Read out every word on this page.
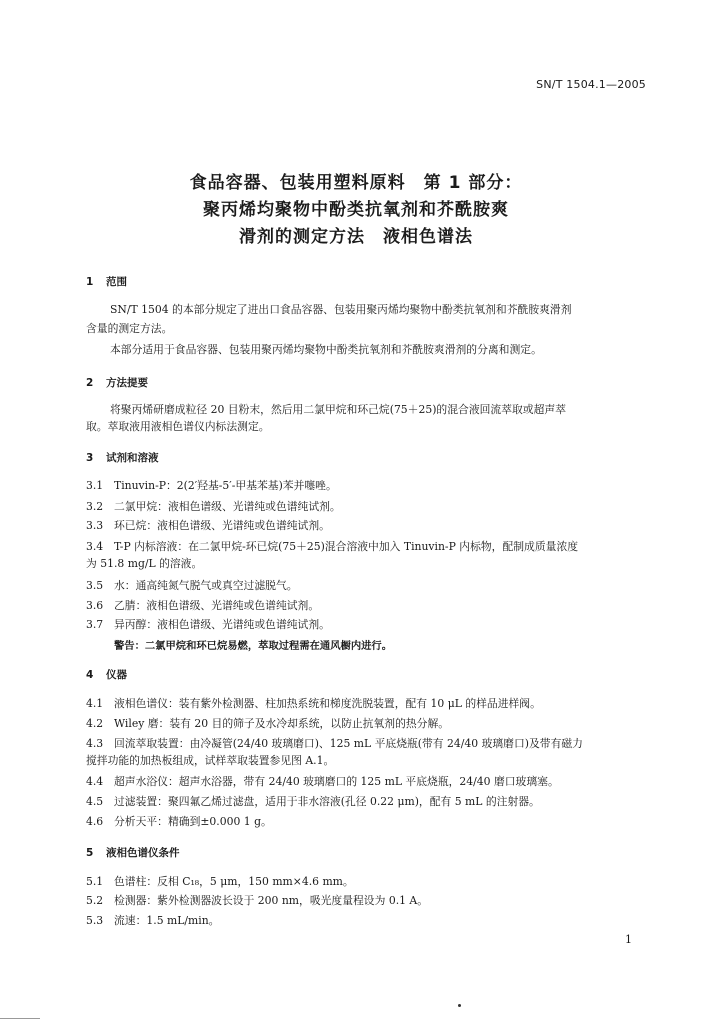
SN/T 1504.1—2005
食品容器、包装用塑料原料　第 1 部分：
聚丙烯均聚物中酚类抗氧剂和芥酰胺爽
滑剂的测定方法　液相色谱法
1 范围
SN/T 1504 的本部分规定了进出口食品容器、包装用聚丙烯均聚物中酚类抗氧剂和芥酰胺爽滑剂
含量的测定方法。
本部分适用于食品容器、包装用聚丙烯均聚物中酚类抗氧剂和芥酰胺爽滑剂的分离和测定。
2 方法提要
将聚丙烯研磨成粒径 20 目粉末，然后用二氯甲烷和环己烷(75＋25)的混合液回流萃取或超声萃
取。萃取液用液相色谱仪内标法测定。
3 试剂和溶液
3.1 Tinuvin-P：2(2′羟基-5′-甲基苯基)苯并噻唑。
3.2 二氯甲烷：液相色谱级、光谱纯或色谱纯试剂。
3.3 环已烷：液相色谱级、光谱纯或色谱纯试剂。
3.4 T-P 内标溶液：在二氯甲烷-环已烷(75＋25)混合溶液中加入 Tinuvin-P 内标物，配制成质量浓度
为 51.8 mg/L 的溶液。
3.5 水：通高纯氮气脱气或真空过滤脱气。
3.6 乙腈：液相色谱级、光谱纯或色谱纯试剂。
3.7 异丙醇：液相色谱级、光谱纯或色谱纯试剂。
警告：二氯甲烷和环已烷易燃，萃取过程需在通风橱内进行。
4 仪器
4.1 液相色谱仪：装有紫外检测器、柱加热系统和梯度洗脱装置，配有 10 μL 的样品进样阀。
4.2 Wiley 磨：装有 20 目的筛子及水冷却系统，以防止抗氧剂的热分解。
4.3 回流萃取装置：由冷凝管(24/40 玻璃磨口)、125 mL 平底烧瓶(带有 24/40 玻璃磨口)及带有磁力
搅拌功能的加热板组成，试样萃取装置参见图 A.1。
4.4 超声水浴仪：超声水浴器，带有 24/40 玻璃磨口的 125 mL 平底烧瓶，24/40 磨口玻璃塞。
4.5 过滤装置：聚四氟乙烯过滤盘，适用于非水溶液(孔径 0.22 μm)，配有 5 mL 的注射器。
4.6 分析天平：精确到±0.000 1 g。
5 液相色谱仪条件
5.1 色谱柱：反相 C₁₈，5 μm，150 mm×4.6 mm。
5.2 检测器：紫外检测器波长设于 200 nm，吸光度量程设为 0.1 A。
5.3 流速：1.5 mL/min。
1
